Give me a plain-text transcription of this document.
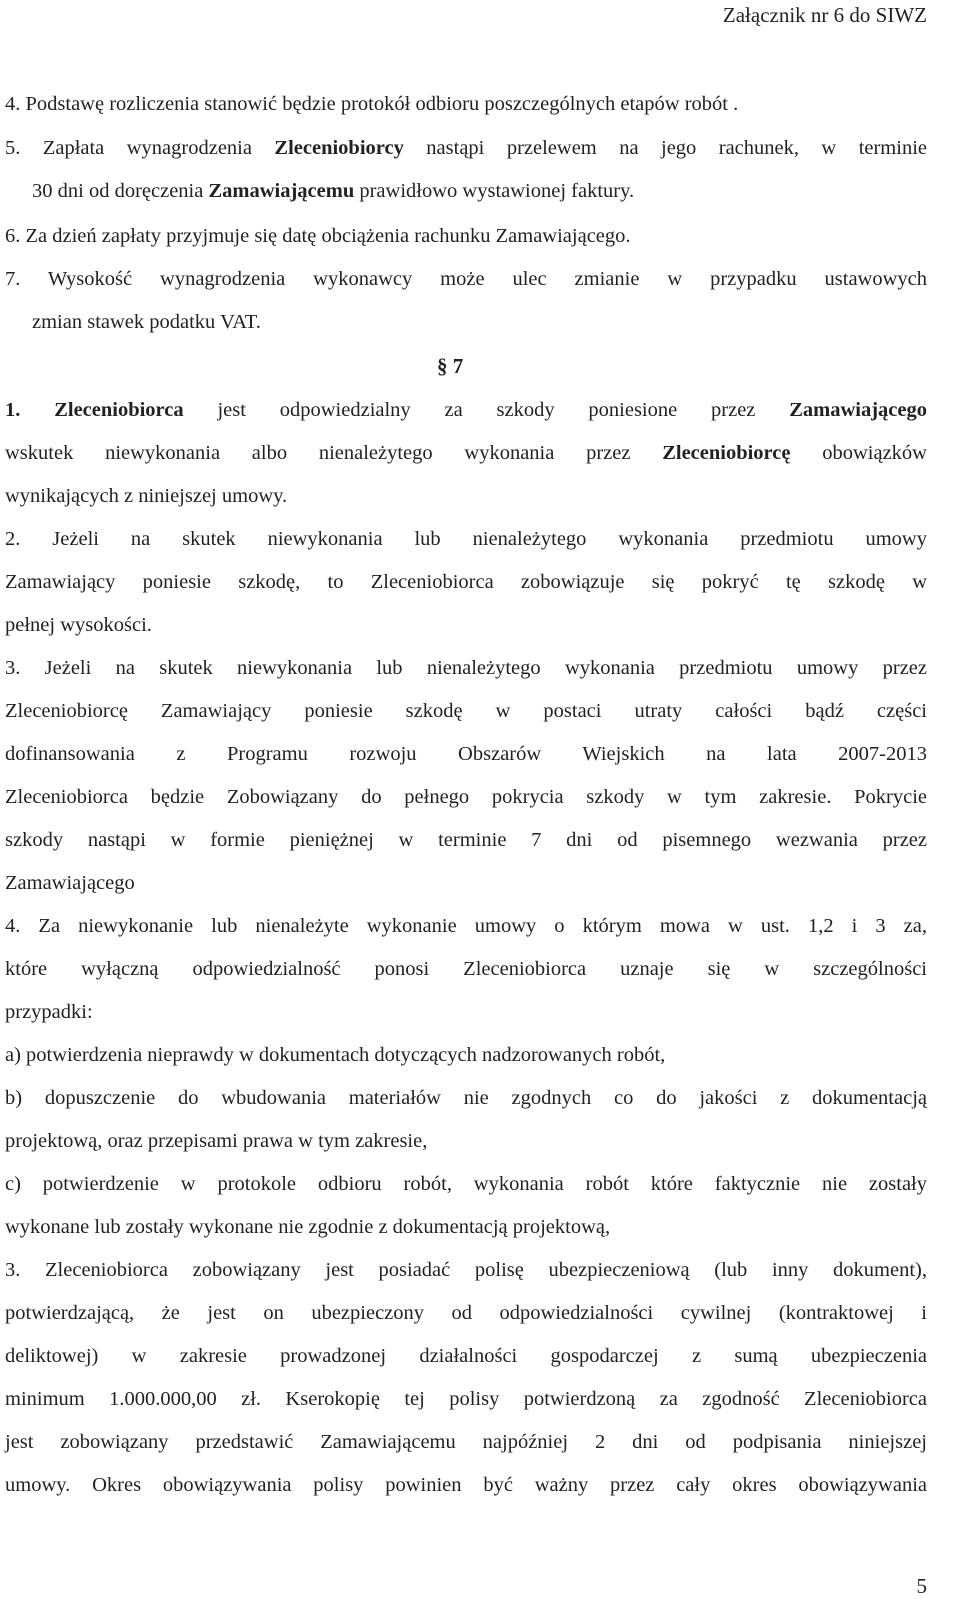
Załącznik nr 6 do SIWZ
4. Podstawę rozliczenia stanowić będzie protokół odbioru poszczególnych etapów robót .
5. Zapłata wynagrodzenia Zleceniobiorcy nastąpi przelewem na jego rachunek, w terminie
30 dni od doręczenia Zamawiającemu prawidłowo wystawionej faktury.
6. Za dzień zapłaty przyjmuje się datę obciążenia rachunku Zamawiającego.
7. Wysokość wynagrodzenia wykonawcy może ulec zmianie w przypadku ustawowych
zmian stawek podatku VAT.
§ 7
1. Zleceniobiorca jest odpowiedzialny za szkody poniesione przez Zamawiającego
wskutek niewykonania albo nienależytego wykonania przez Zleceniobiorcę obowiązków
wynikających z niniejszej umowy.
2. Jeżeli na skutek niewykonania lub nienależytego wykonania przedmiotu umowy
Zamawiający poniesie szkodę, to Zleceniobiorca zobowiązuje się pokryć tę szkodę w
pełnej wysokości.
3. Jeżeli na skutek niewykonania lub nienależytego wykonania przedmiotu umowy przez
Zleceniobiorcę Zamawiający poniesie szkodę w postaci utraty całości bądź części
dofinansowania z Programu rozwoju Obszarów Wiejskich na lata 2007-2013
Zleceniobiorca będzie Zobowiązany do pełnego pokrycia szkody w tym zakresie. Pokrycie
szkody nastąpi w formie pieniężnej w terminie 7 dni od pisemnego wezwania przez
Zamawiającego
4. Za niewykonanie lub nienależyte wykonanie umowy o którym mowa w ust. 1,2 i 3 za,
które wyłączną odpowiedzialność ponosi Zleceniobiorca uznaje się w szczególności
przypadki:
a) potwierdzenia nieprawdy w dokumentach dotyczących nadzorowanych robót,
b) dopuszczenie do wbudowania materiałów nie zgodnych co do jakości z dokumentacją
projektową, oraz przepisami prawa w tym zakresie,
c) potwierdzenie w protokole odbioru robót, wykonania robót które faktycznie nie zostały
wykonane lub zostały wykonane nie zgodnie z dokumentacją projektową,
3. Zleceniobiorca zobowiązany jest posiadać polisę ubezpieczeniową (lub inny dokument),
potwierdzającą, że jest on ubezpieczony od odpowiedzialności cywilnej (kontraktowej i
deliktowej) w zakresie prowadzonej działalności gospodarczej z sumą ubezpieczenia
minimum 1.000.000,00 zł. Kserokopię tej polisy potwierdzoną za zgodność Zleceniobiorca
jest zobowiązany przedstawić Zamawiającemu najpóźniej 2 dni od podpisania niniejszej
umowy. Okres obowiązywania polisy powinien być ważny przez cały okres obowiązywania
5
